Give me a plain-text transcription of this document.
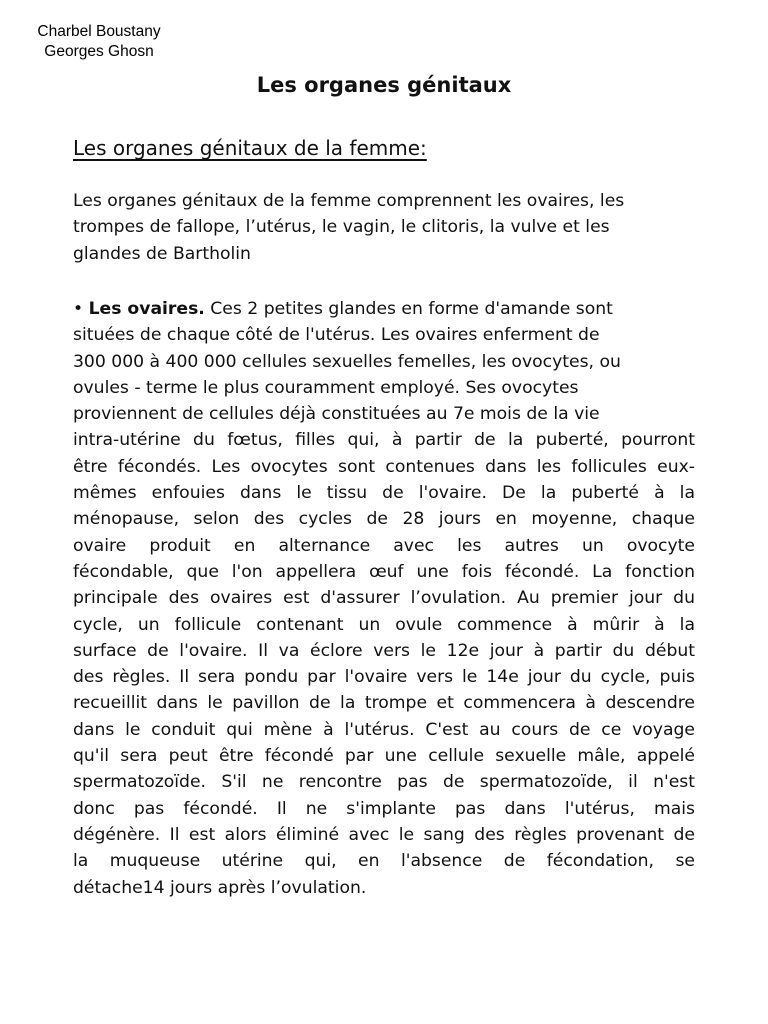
Charbel Boustany
Georges Ghosn
Les organes génitaux
Les organes génitaux de la femme:

Les organes génitaux de la femme comprennent les ovaires, les
trompes de fallope, l’utérus, le vagin, le clitoris, la vulve et les
glandes de Bartholin

• Les ovaires. Ces 2 petites glandes en forme d'amande sont
situées de chaque côté de l'utérus. Les ovaires enferment de
300 000 à 400 000 cellules sexuelles femelles, les ovocytes, ou
ovules - terme le plus couramment employé. Ses ovocytes
proviennent de cellules déjà constituées au 7e mois de la vie
intra-utérine du fœtus, filles qui, à partir de la puberté, pourront
être fécondés. Les ovocytes sont contenues dans les follicules eux-
mêmes enfouies dans le tissu de l'ovaire. De la puberté à la
ménopause, selon des cycles de 28 jours en moyenne, chaque
ovaire produit en alternance avec les autres un ovocyte
fécondable, que l'on appellera œuf une fois fécondé. La fonction
principale des ovaires est d'assurer l’ovulation. Au premier jour du
cycle, un follicule contenant un ovule commence à mûrir à la
surface de l'ovaire. Il va éclore vers le 12e jour à partir du début
des règles. Il sera pondu par l'ovaire vers le 14e jour du cycle, puis
recueillit dans le pavillon de la trompe et commencera à descendre
dans le conduit qui mène à l'utérus. C'est au cours de ce voyage
qu'il sera peut être fécondé par une cellule sexuelle mâle, appelé
spermatozoïde. S'il ne rencontre pas de spermatozoïde, il n'est
donc pas fécondé. Il ne s'implante pas dans l'utérus, mais
dégénère. Il est alors éliminé avec le sang des règles provenant de
la muqueuse utérine qui, en l'absence de fécondation, se
détache14 jours après l’ovulation.
